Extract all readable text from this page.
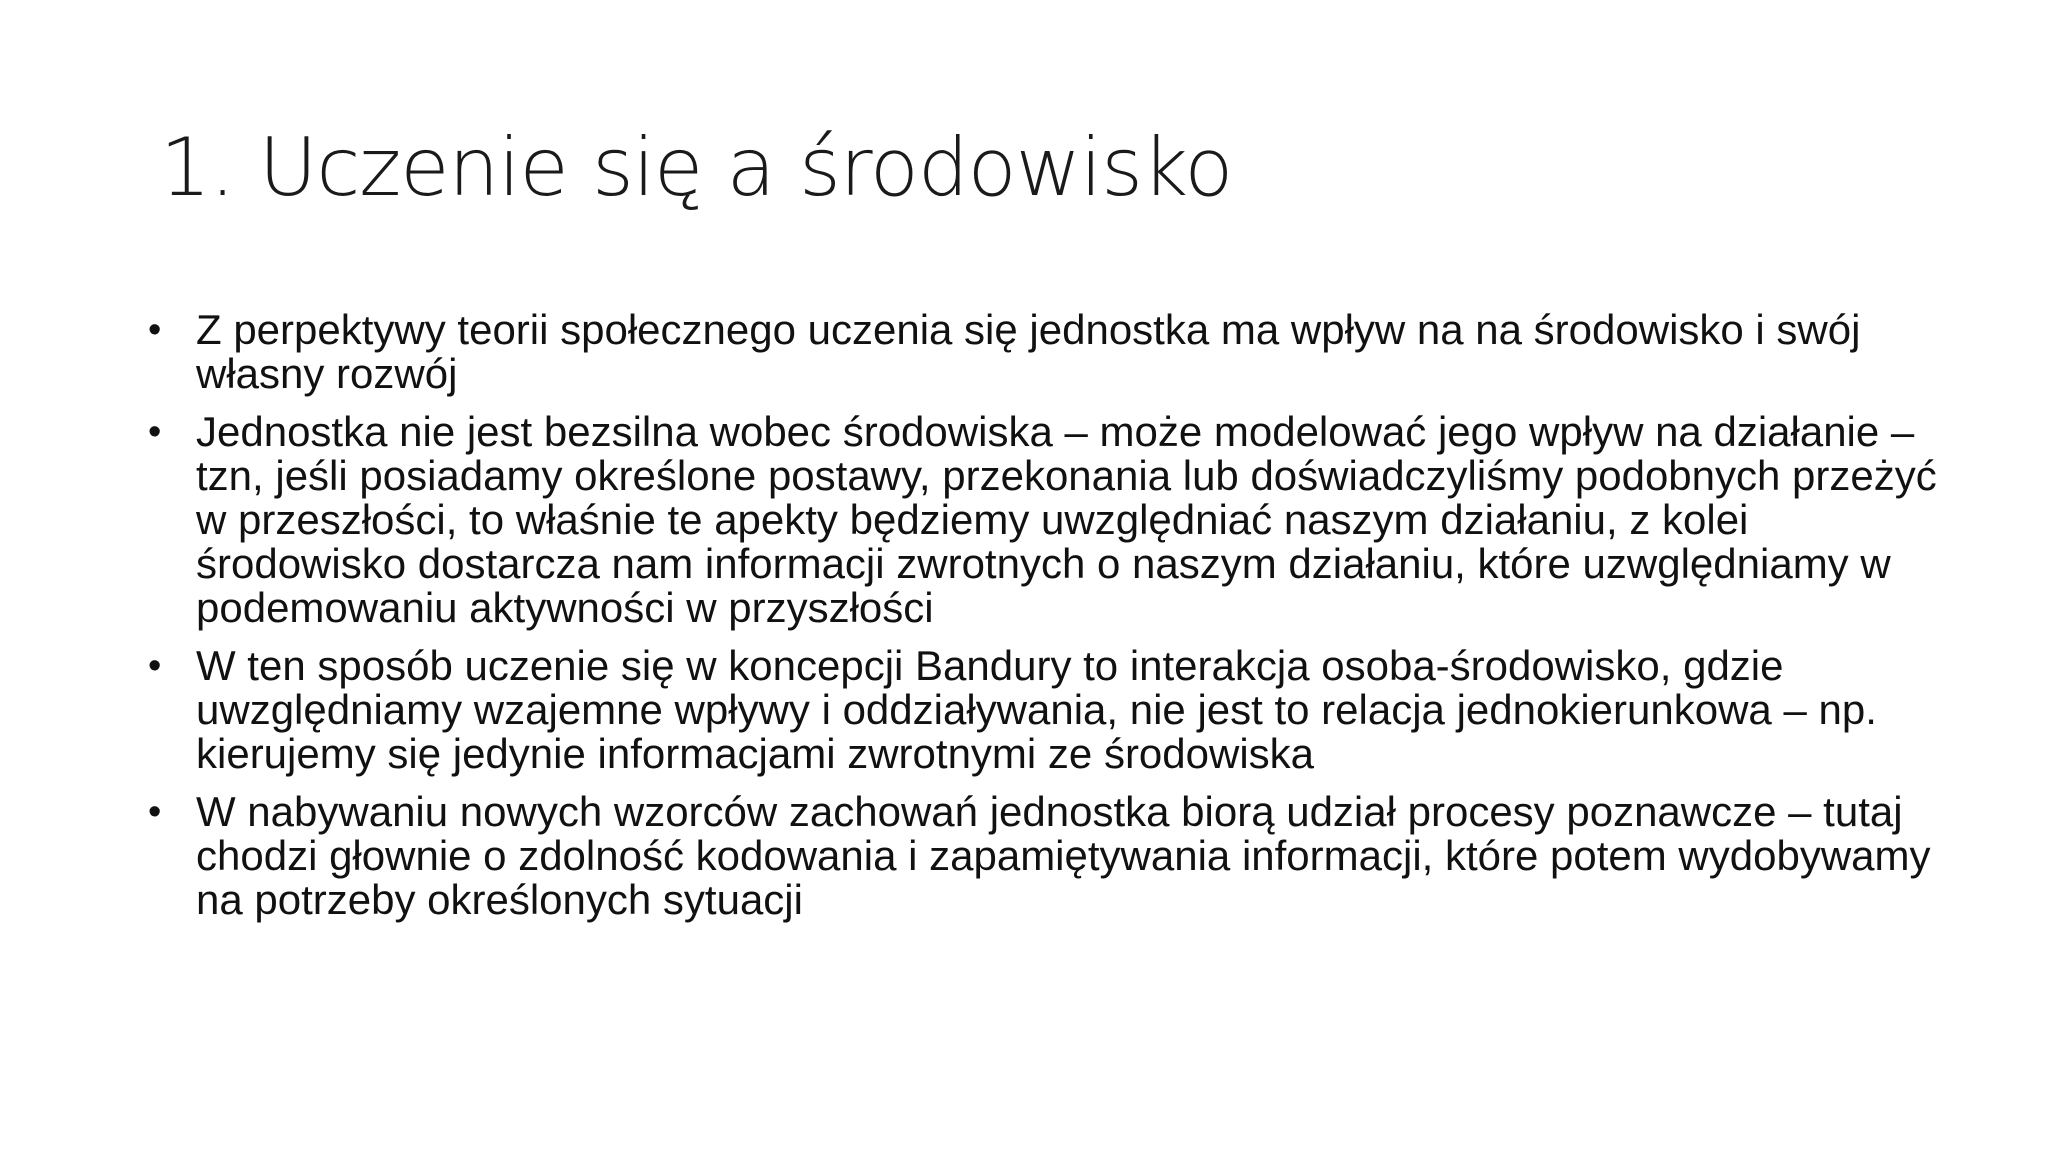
1. Uczenie się a środowisko
• Z perpektywy teorii społecznego uczenia się jednostka ma wpływ na na środowisko i swój własny rozwój
• Jednostka nie jest bezsilna wobec środowiska – może modelować jego wpływ na działanie – tzn, jeśli posiadamy określone postawy, przekonania lub doświadczyliśmy podobnych przeżyć w przeszłości, to właśnie te apekty będziemy uwzględniać naszym działaniu, z kolei środowisko dostarcza nam informacji zwrotnych o naszym działaniu, które uzwględniamy w podemowaniu aktywności w przyszłości
• W ten sposób uczenie się w koncepcji Bandury to interakcja osoba-środowisko, gdzie uwzględniamy wzajemne wpływy i oddziaływania, nie jest to relacja jednokierunkowa – np. kierujemy się jedynie informacjami zwrotnymi ze środowiska
• W nabywaniu nowych wzorców zachowań jednostka biorą udział procesy poznawcze – tutaj chodzi głownie o zdolność kodowania i zapamiętywania informacji, które potem wydobywamy na potrzeby określonych sytuacji
